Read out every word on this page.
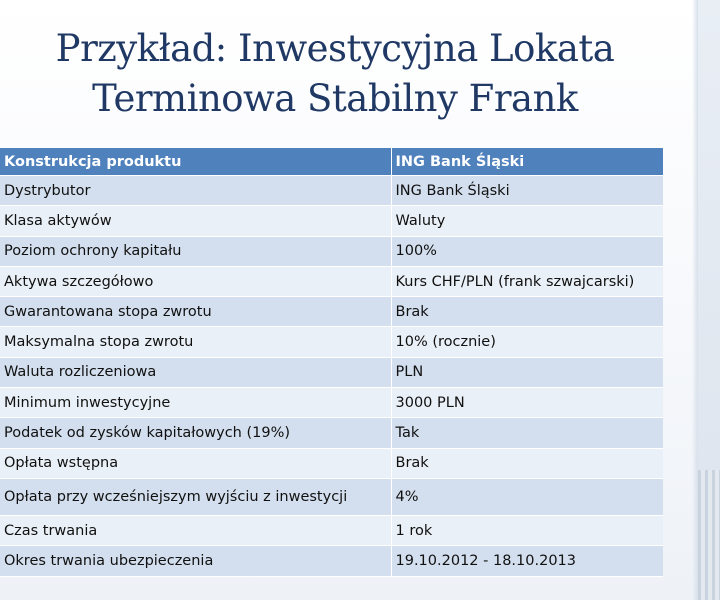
Przykład: Inwestycyjna Lokata
Terminowa Stabilny Frank
Konstrukcja produktu	ING Bank Śląski
Dystrybutor	ING Bank Śląski
Klasa aktywów	Waluty
Poziom ochrony kapitału	100%
Aktywa szczegółowo	Kurs CHF/PLN (frank szwajcarski)
Gwarantowana stopa zwrotu	Brak
Maksymalna stopa zwrotu	10% (rocznie)
Waluta rozliczeniowa	PLN
Minimum inwestycyjne	3000 PLN
Podatek od zysków kapitałowych (19%)	Tak
Opłata wstępna	Brak
Opłata przy wcześniejszym wyjściu z inwestycji	4%
Czas trwania	1 rok
Okres trwania ubezpieczenia	19.10.2012 - 18.10.2013
